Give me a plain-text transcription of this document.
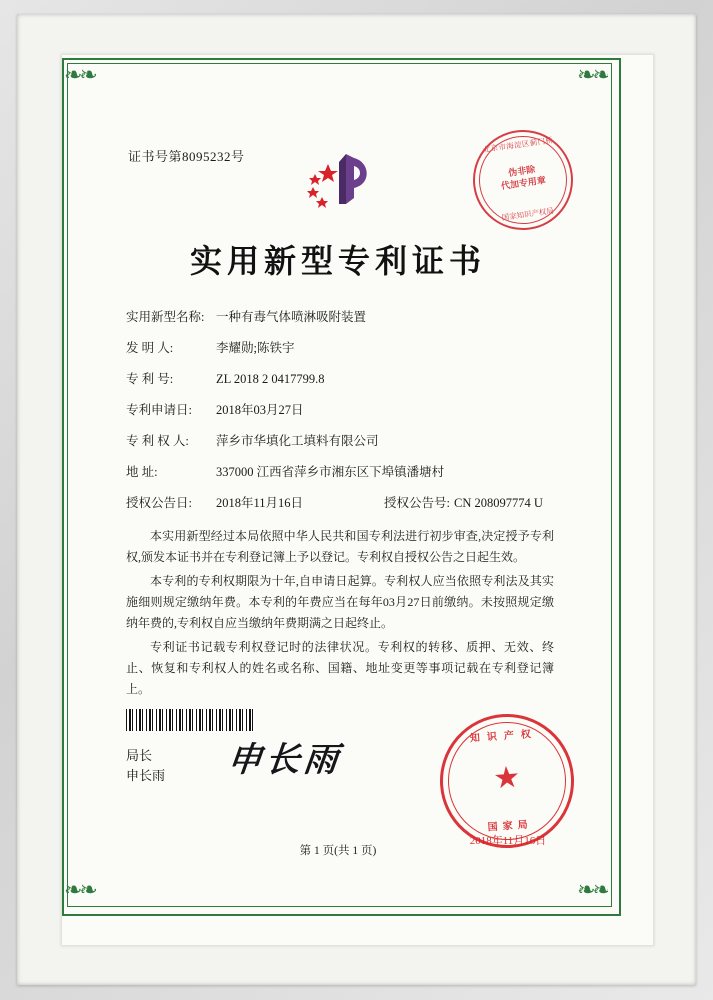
❧❧	❧❧
❧❧	❧❧
证书号第8095232号
实用新型专利证书
实用新型名称: 一种有毒气体喷淋吸附装置
发 明 人:	李耀勋;陈铁宇
专 利 号:	ZL 2018 2 0417799.8
专利申请日: 2018年03月27日
专 利 权 人: 萍乡市华填化工填料有限公司
地 址:	337000 江西省萍乡市湘东区下埠镇潘塘村
授权公告日: 2018年11月16日	授权公告号: CN 208097774 U

本实用新型经过本局依照中华人民共和国专利法进行初步审查,决定授予专利权,颁发本证书并在专利登记簿上予以登记。专利权自授权公告之日起生效。

本专利的专利权期限为十年,自申请日起算。专利权人应当依照专利法及其实施细则规定缴纳年费。本专利的年费应当在每年03月27日前缴纳。未按照规定缴纳年费的,专利权自应当缴纳年费期满之日起终止。

专利证书记载专利权登记时的法律状况。专利权的转移、质押、无效、终止、恢复和专利权人的姓名或名称、国籍、地址变更等事项记载在专利登记簿上。

局长
申长雨 申长雨
第 1 页(共 1 页)
北京市海淀区蓟门桥
伪非除
代加专用章
国家知识产权局
知识产权
★
国家局
2018年11月16日
